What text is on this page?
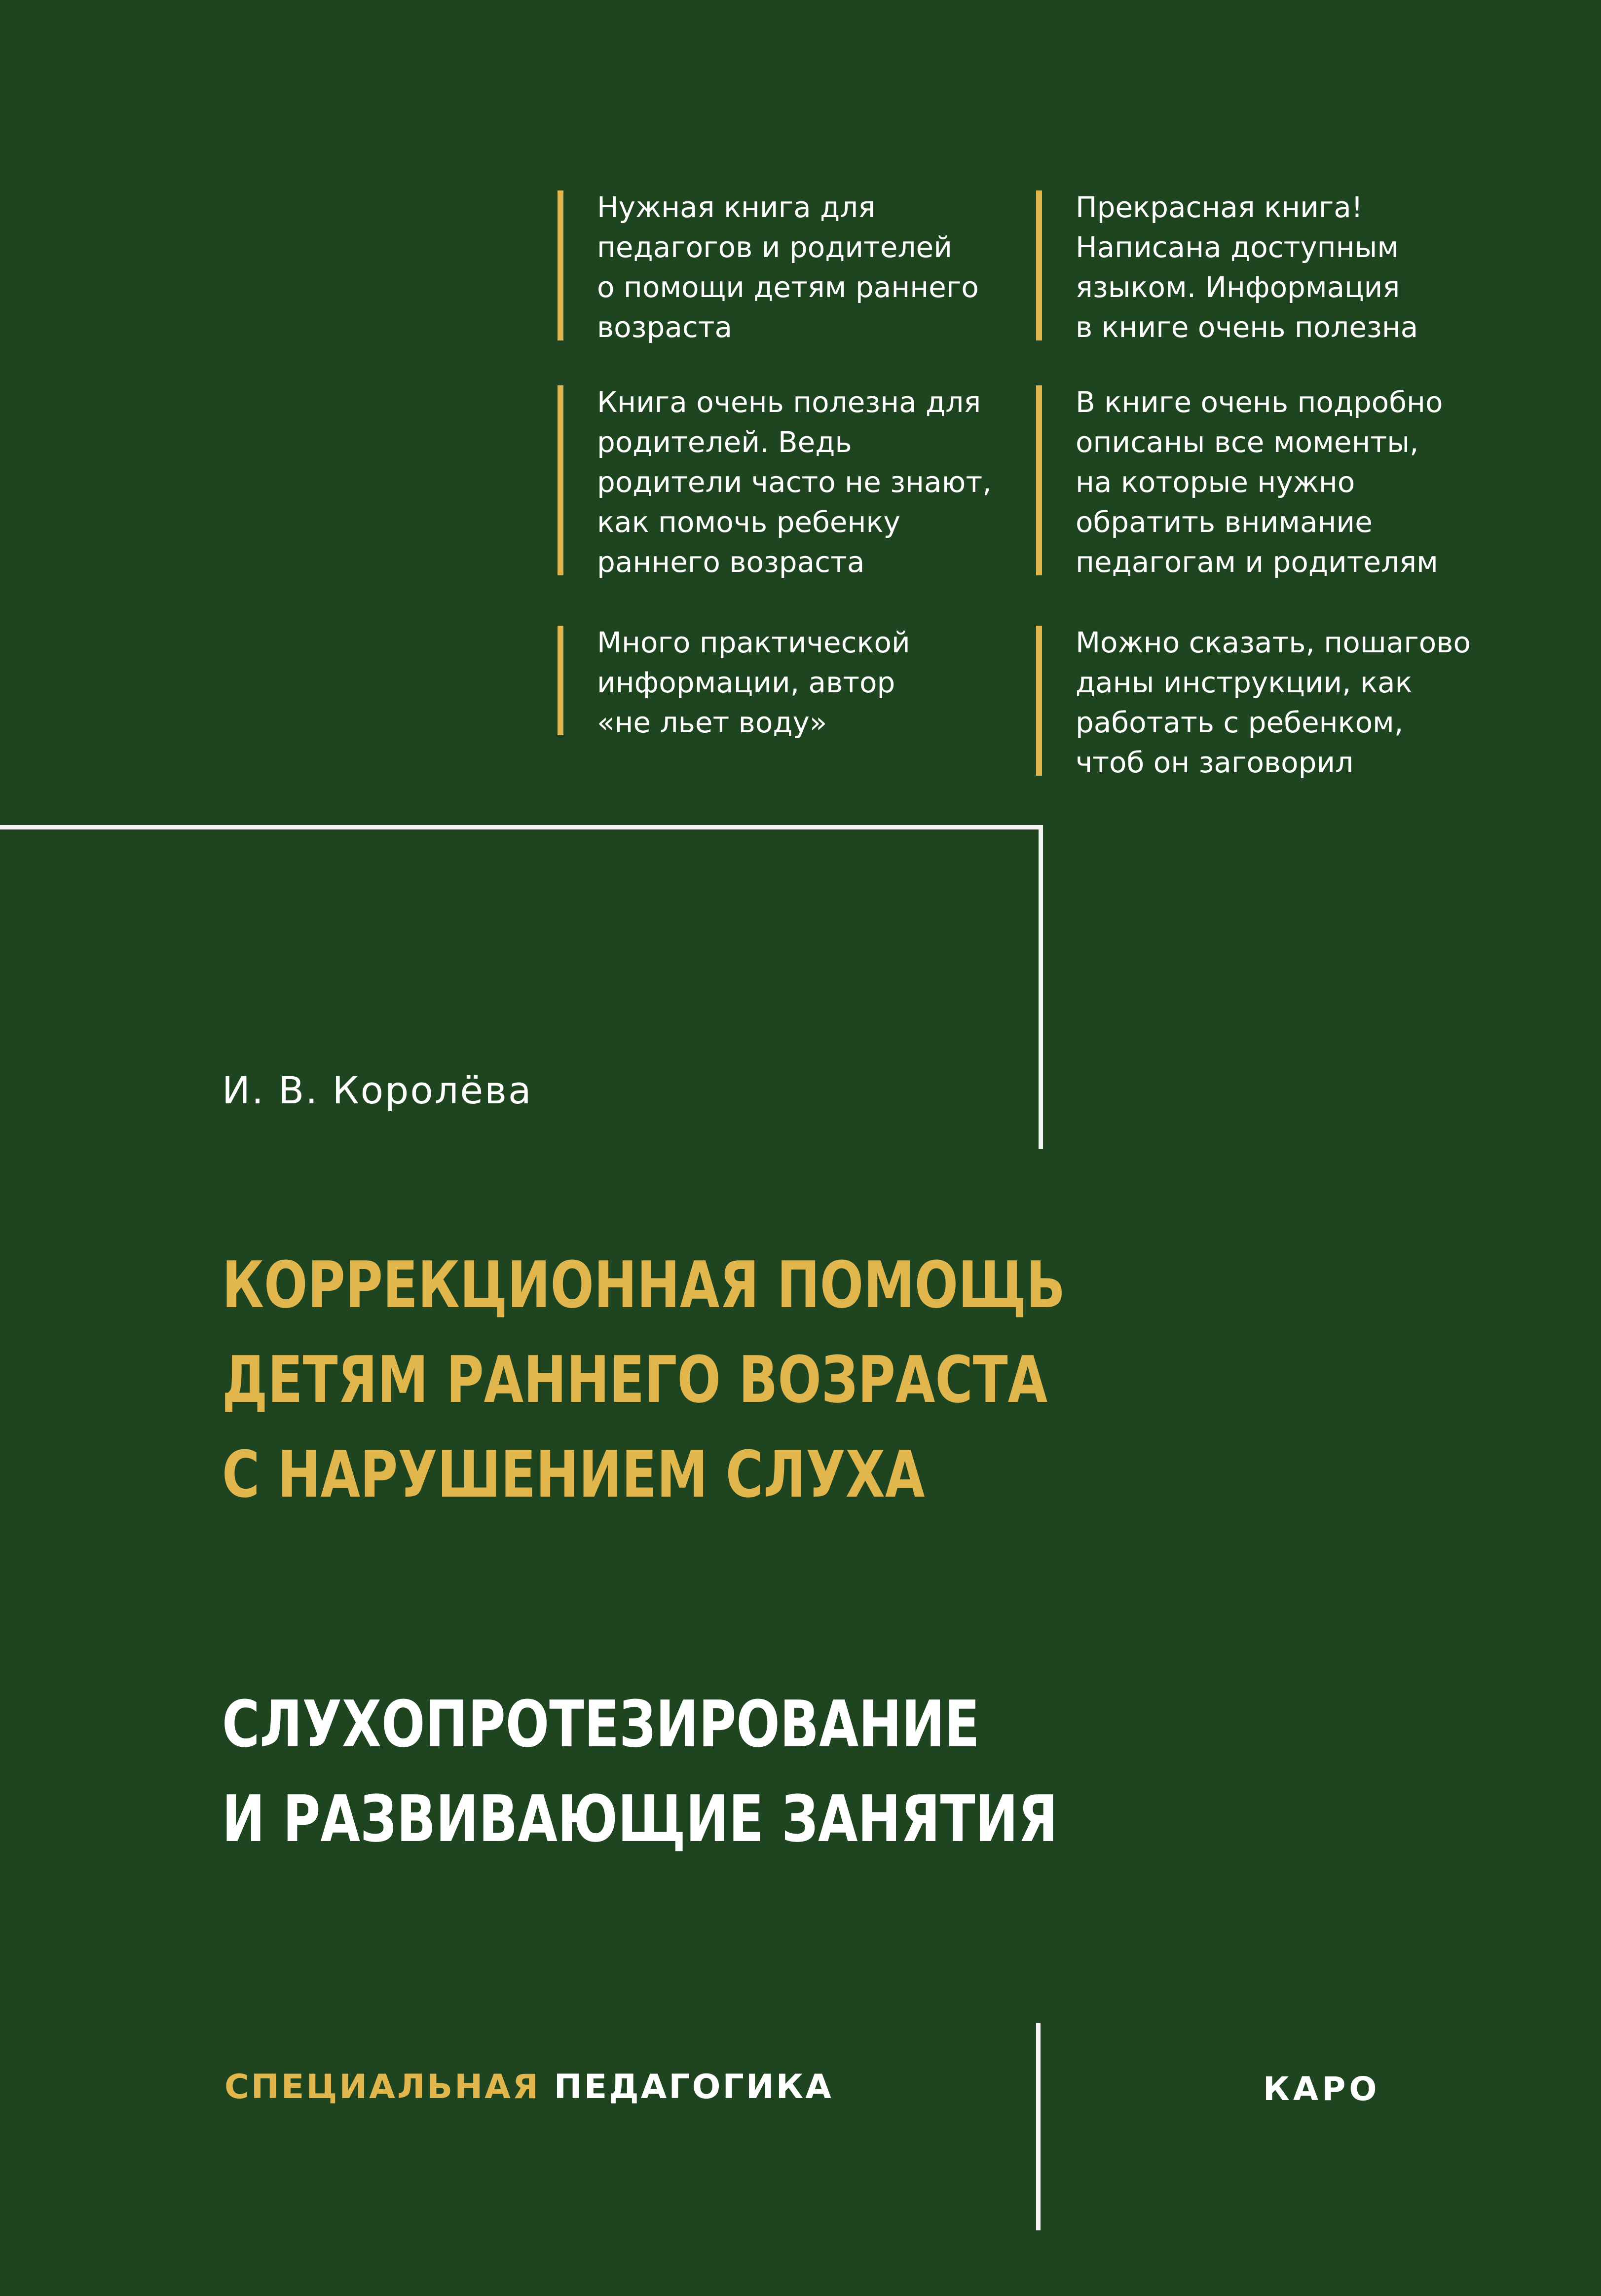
Нужная книга для
педагогов и родителей
о помощи детям раннего
возраста
Книга очень полезна для
родителей. Ведь
родители часто не знают,
как помочь ребенку
раннего возраста
Много практической
информации, автор
«не льет воду»
Прекрасная книга!
Написана доступным
языком. Информация
в книге очень полезна
В книге очень подробно
описаны все моменты,
на которые нужно
обратить внимание
педагогам и родителям
Можно сказать, пошагово
даны инструкции, как
работать с ребенком,
чтоб он заговорил
И. В. Королёва
КОРРЕКЦИОННАЯ ПОМОЩЬ
ДЕТЯМ РАННЕГО ВОЗРАСТА
С НАРУШЕНИЕМ СЛУХА
СЛУХОПРОТЕЗИРОВАНИЕ
И РАЗВИВАЮЩИЕ ЗАНЯТИЯ
СПЕЦИАЛЬНАЯ ПЕДАГОГИКА	КАРО
